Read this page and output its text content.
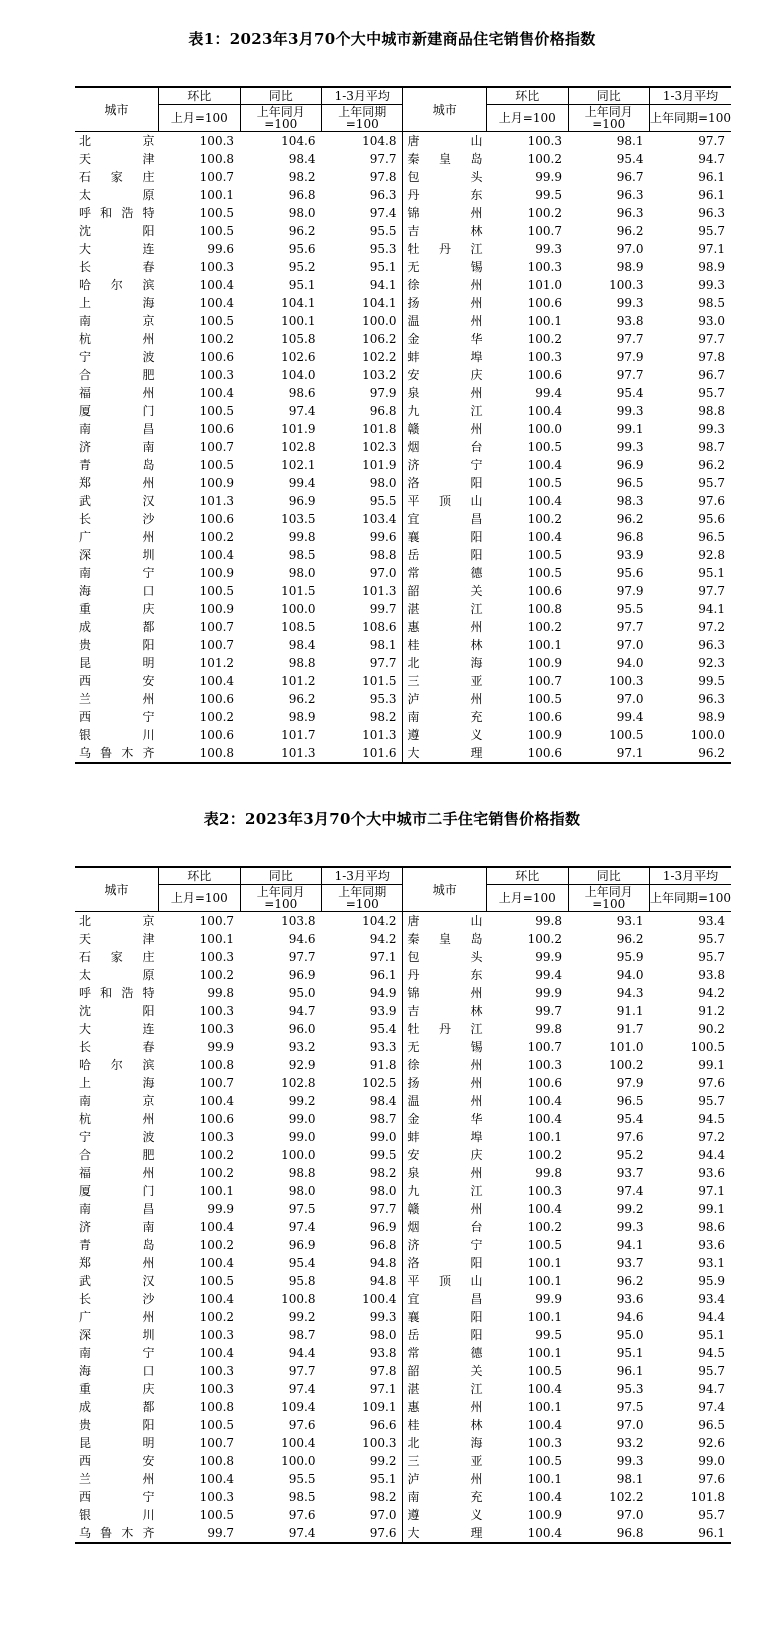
表1：2023年3月70个大中城市新建商品住宅销售价格指数
城市	环比	同比	1-3月平均	城市	环比	同比	1-3月平均
	上月=100	上年同月=100	上年同期=100		上月=100	上年同月=100	上年同期=100

北　　京	100.3	104.6	104.8	唐　　山	100.3	98.1	97.7

天　　津	100.8	98.4	97.7	秦皇岛	100.2	95.4	94.7

石家庄	100.7	98.2	97.8	包　　头	99.9	96.7	96.1

太　　原	100.1	96.8	96.3	丹　　东	99.5	96.3	96.1

呼和浩特	100.5	98.0	97.4	锦　　州	100.2	96.3	96.3

沈　　阳	100.5	96.2	95.5	吉　　林	100.7	96.2	95.7

大　　连	99.6	95.6	95.3	牡丹江	99.3	97.0	97.1

长　　春	100.3	95.2	95.1	无　　锡	100.3	98.9	98.9

哈尔滨	100.4	95.1	94.1	徐　　州	101.0	100.3	99.3

上　　海	100.4	104.1	104.1	扬　　州	100.6	99.3	98.5

南　　京	100.5	100.1	100.0	温　　州	100.1	93.8	93.0

杭　　州	100.2	105.8	106.2	金　　华	100.2	97.7	97.7

宁　　波	100.6	102.6	102.2	蚌　　埠	100.3	97.9	97.8

合　　肥	100.3	104.0	103.2	安　　庆	100.6	97.7	96.7

福　　州	100.4	98.6	97.9	泉　　州	99.4	95.4	95.7

厦　　门	100.5	97.4	96.8	九　　江	100.4	99.3	98.8

南　　昌	100.6	101.9	101.8	赣　　州	100.0	99.1	99.3

济　　南	100.7	102.8	102.3	烟　　台	100.5	99.3	98.7

青　　岛	100.5	102.1	101.9	济　　宁	100.4	96.9	96.2

郑　　州	100.9	99.4	98.0	洛　　阳	100.5	96.5	95.7

武　　汉	101.3	96.9	95.5	平顶山	100.4	98.3	97.6

长　　沙	100.6	103.5	103.4	宜　　昌	100.2	96.2	95.6

广　　州	100.2	99.8	99.6	襄　　阳	100.4	96.8	96.5

深　　圳	100.4	98.5	98.8	岳　　阳	100.5	93.9	92.8

南　　宁	100.9	98.0	97.0	常　　德	100.5	95.6	95.1

海　　口	100.5	101.5	101.3	韶　　关	100.6	97.9	97.7

重　　庆	100.9	100.0	99.7	湛　　江	100.8	95.5	94.1

成　　都	100.7	108.5	108.6	惠　　州	100.2	97.7	97.2

贵　　阳	100.7	98.4	98.1	桂　　林	100.1	97.0	96.3

昆　　明	101.2	98.8	97.7	北　　海	100.9	94.0	92.3

西　　安	100.4	101.2	101.5	三　　亚	100.7	100.3	99.5

兰　　州	100.6	96.2	95.3	泸　　州	100.5	97.0	96.3

西　　宁	100.2	98.9	98.2	南　　充	100.6	99.4	98.9

银　　川	100.6	101.7	101.3	遵　　义	100.9	100.5	100.0

乌鲁木齐	100.8	101.3	101.6	大　　理	100.6	97.1	96.2
表2：2023年3月70个大中城市二手住宅销售价格指数
城市	环比	同比	1-3月平均	城市	环比	同比	1-3月平均
	上月=100	上年同月=100	上年同期=100		上月=100	上年同月=100	上年同期=100

北　　京	100.7	103.8	104.2	唐　　山	99.8	93.1	93.4

天　　津	100.1	94.6	94.2	秦皇岛	100.2	96.2	95.7

石家庄	100.3	97.7	97.1	包　　头	99.9	95.9	95.7

太　　原	100.2	96.9	96.1	丹　　东	99.4	94.0	93.8

呼和浩特	99.8	95.0	94.9	锦　　州	99.9	94.3	94.2

沈　　阳	100.3	94.7	93.9	吉　　林	99.7	91.1	91.2

大　　连	100.3	96.0	95.4	牡丹江	99.8	91.7	90.2

长　　春	99.9	93.2	93.3	无　　锡	100.7	101.0	100.5

哈尔滨	100.8	92.9	91.8	徐　　州	100.3	100.2	99.1

上　　海	100.7	102.8	102.5	扬　　州	100.6	97.9	97.6

南　　京	100.4	99.2	98.4	温　　州	100.4	96.5	95.7

杭　　州	100.6	99.0	98.7	金　　华	100.4	95.4	94.5

宁　　波	100.3	99.0	99.0	蚌　　埠	100.1	97.6	97.2

合　　肥	100.2	100.0	99.5	安　　庆	100.2	95.2	94.4

福　　州	100.2	98.8	98.2	泉　　州	99.8	93.7	93.6

厦　　门	100.1	98.0	98.0	九　　江	100.3	97.4	97.1

南　　昌	99.9	97.5	97.7	赣　　州	100.4	99.2	99.1

济　　南	100.4	97.4	96.9	烟　　台	100.2	99.3	98.6

青　　岛	100.2	96.9	96.8	济　　宁	100.5	94.1	93.6

郑　　州	100.4	95.4	94.8	洛　　阳	100.1	93.7	93.1

武　　汉	100.5	95.8	94.8	平顶山	100.1	96.2	95.9

长　　沙	100.4	100.8	100.4	宜　　昌	99.9	93.6	93.4

广　　州	100.2	99.2	99.3	襄　　阳	100.1	94.6	94.4

深　　圳	100.3	98.7	98.0	岳　　阳	99.5	95.0	95.1

南　　宁	100.4	94.4	93.8	常　　德	100.1	95.1	94.5

海　　口	100.3	97.7	97.8	韶　　关	100.5	96.1	95.7

重　　庆	100.3	97.4	97.1	湛　　江	100.4	95.3	94.7

成　　都	100.8	109.4	109.1	惠　　州	100.1	97.5	97.4

贵　　阳	100.5	97.6	96.6	桂　　林	100.4	97.0	96.5

昆　　明	100.7	100.4	100.3	北　　海	100.3	93.2	92.6

西　　安	100.8	100.0	99.2	三　　亚	100.5	99.3	99.0

兰　　州	100.4	95.5	95.1	泸　　州	100.1	98.1	97.6

西　　宁	100.3	98.5	98.2	南　　充	100.4	102.2	101.8

银　　川	100.5	97.6	97.0	遵　　义	100.9	97.0	95.7

乌鲁木齐	99.7	97.4	97.6	大　　理	100.4	96.8	96.1
